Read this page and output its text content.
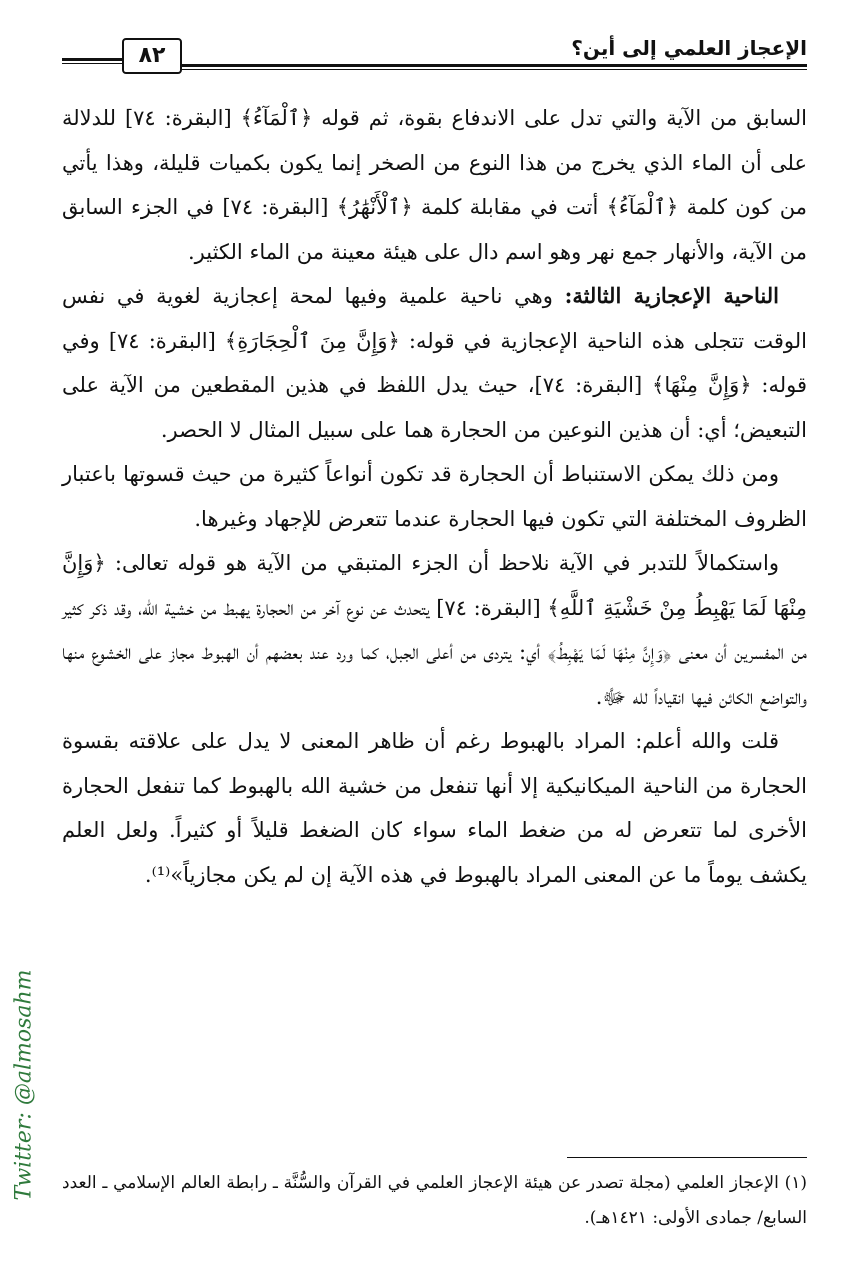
الإعجاز العلمي إلى أين؟
٨٢

السابق من الآية والتي تدل على الاندفاع بقوة، ثم قوله ﴿ٱلْمَآءُ﴾ [البقرة: ٧٤] للدلالة على أن الماء الذي يخرج من هذا النوع من الصخر إنما يكون بكميات قليلة، وهذا يأتي من كون كلمة ﴿ٱلْمَآءُ﴾ أتت في مقابلة كلمة ﴿ٱلْأَنْهَٰرُ﴾ [البقرة: ٧٤] في الجزء السابق من الآية، والأنهار جمع نهر وهو اسم دال على هيئة معينة من الماء الكثير.

الناحية الإعجازية الثالثة: وهي ناحية علمية وفيها لمحة إعجازية لغوية في نفس الوقت تتجلى هذه الناحية الإعجازية في قوله: ﴿وَإِنَّ مِنَ ٱلْحِجَارَةِ﴾ [البقرة: ٧٤] وفي قوله: ﴿وَإِنَّ مِنْهَا﴾ [البقرة: ٧٤]، حيث يدل اللفظ في هذين المقطعين من الآية على التبعيض؛ أي: أن هذين النوعين من الحجارة هما على سبيل المثال لا الحصر.

ومن ذلك يمكن الاستنباط أن الحجارة قد تكون أنواعاً كثيرة من حيث قسوتها باعتبار الظروف المختلفة التي تكون فيها الحجارة عندما تتعرض للإجهاد وغيرها.

واستكمالاً للتدبر في الآية نلاحظ أن الجزء المتبقي من الآية هو قوله تعالى: ﴿وَإِنَّ مِنْهَا لَمَا يَهْبِطُ مِنْ خَشْيَةِ ٱللَّهِ﴾ [البقرة: ٧٤] يتحدث عن نوع آخر من الحجارة يهبط من خشية الله، وقد ذكر كثير من المفسرين أن معنى ﴿وَإِنَّ مِنْهَا لَمَا يَهْبِطُ﴾ أي: يتردى من أعلى الجبل، كما ورد عند بعضهم أن الهبوط مجاز على الخشوع منها والتواضع الكائن فيها انقياداً لله ﷻ.

قلت والله أعلم: المراد بالهبوط رغم أن ظاهر المعنى لا يدل على علاقته بقسوة الحجارة من الناحية الميكانيكية إلا أنها تنفعل من خشية الله بالهبوط كما تنفعل الحجارة الأخرى لما تتعرض له من ضغط الماء سواء كان الضغط قليلاً أو كثيراً. ولعل العلم يكشف يوماً ما عن المعنى المراد بالهبوط في هذه الآية إن لم يكن مجازياً»⁽¹⁾.

(١) الإعجاز العلمي (مجلة تصدر عن هيئة الإعجاز العلمي في القرآن والسُّنَّة ـ رابطة العالم الإسلامي ـ العدد السابع/ جمادى الأولى: ١٤٢١هـ).
Twitter: @almosahm
